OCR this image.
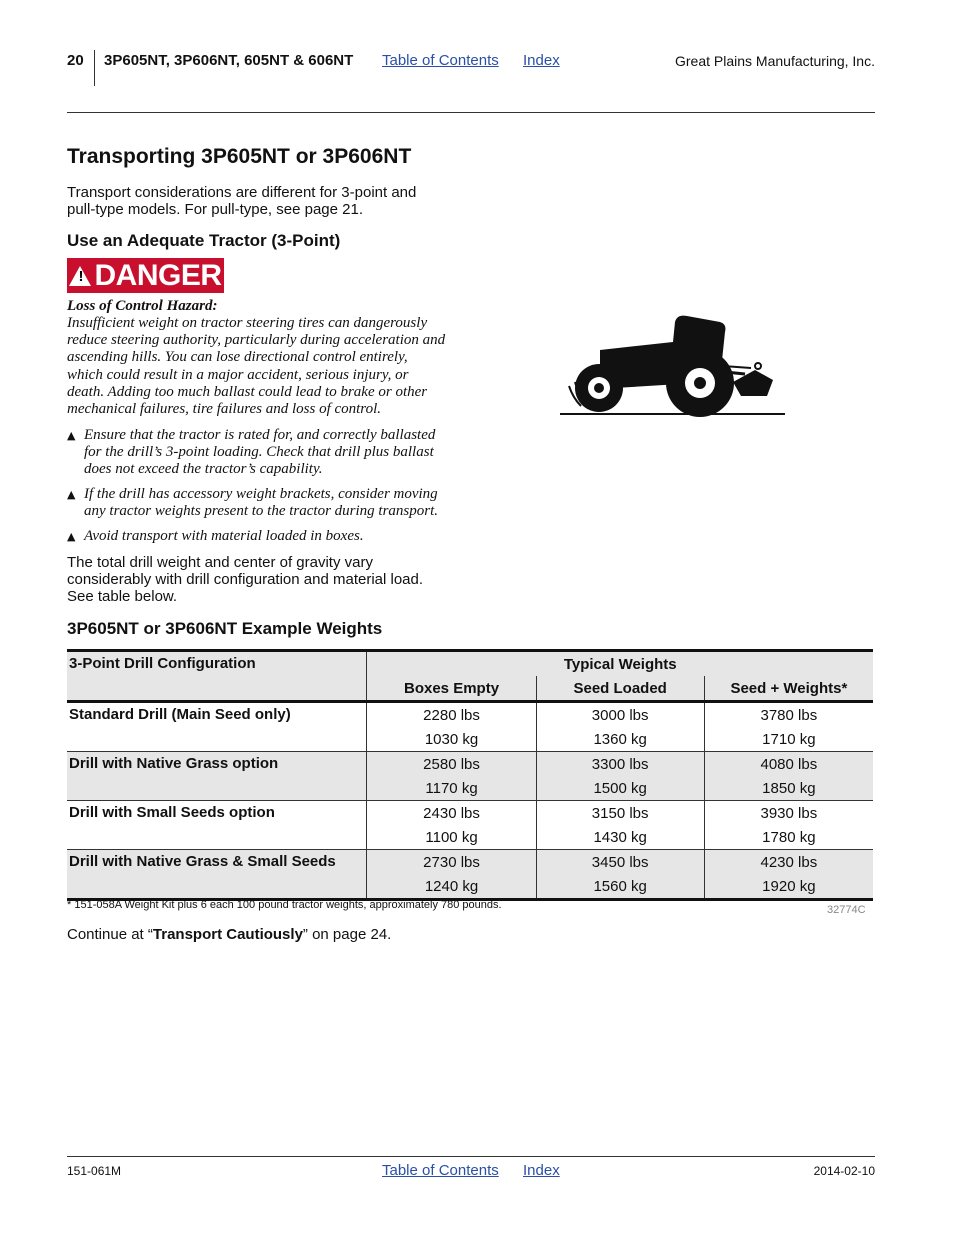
20 3P605NT, 3P606NT, 605NT & 606NT Table of Contents Index	Great Plains Manufacturing, Inc.
Transporting 3P605NT or 3P606NT
Transport considerations are different for 3-point and
pull-type models. For pull-type, see page 21.
Use an Adequate Tractor (3-Point)
! DANGER
Loss of Control Hazard:
Insufficient weight on tractor steering tires can dangerously
reduce steering authority, particularly during acceleration and
ascending hills. You can lose directional control entirely,
which could result in a major accident, serious injury, or
death. Adding too much ballast could lead to brake or other
mechanical failures, tire failures and loss of control.
▲ Ensure that the tractor is rated for, and correctly ballasted
for the drill’s 3-point loading. Check that drill plus ballast
does not exceed the tractor’s capability.
▲ If the drill has accessory weight brackets, consider moving
any tractor weights present to the tractor during transport.
▲ Avoid transport with material loaded in boxes.
The total drill weight and center of gravity vary
considerably with drill configuration and material load.
See table below.
3P605NT or 3P606NT Example Weights
3-Point Drill Configuration	Typical Weights		
	Boxes Empty	Seed Loaded	Seed + Weights*
Standard Drill (Main Seed only)	2280 lbs	3000 lbs	3780 lbs
	1030 kg	1360 kg	1710 kg
Drill with Native Grass option	2580 lbs	3300 lbs	4080 lbs
	1170 kg	1500 kg	1850 kg
Drill with Small Seeds option	2430 lbs	3150 lbs	3930 lbs
	1100 kg	1430 kg	1780 kg
Drill with Native Grass & Small Seeds	2730 lbs	3450 lbs	4230 lbs
	1240 kg	1560 kg	1920 kg
* 151-058A Weight Kit plus 6 each 100 pound tractor weights, approximately 780 pounds.	32774C
Continue at “Transport Cautiously” on page 24.
151-061M	Table of Contents Index	2014-02-10
